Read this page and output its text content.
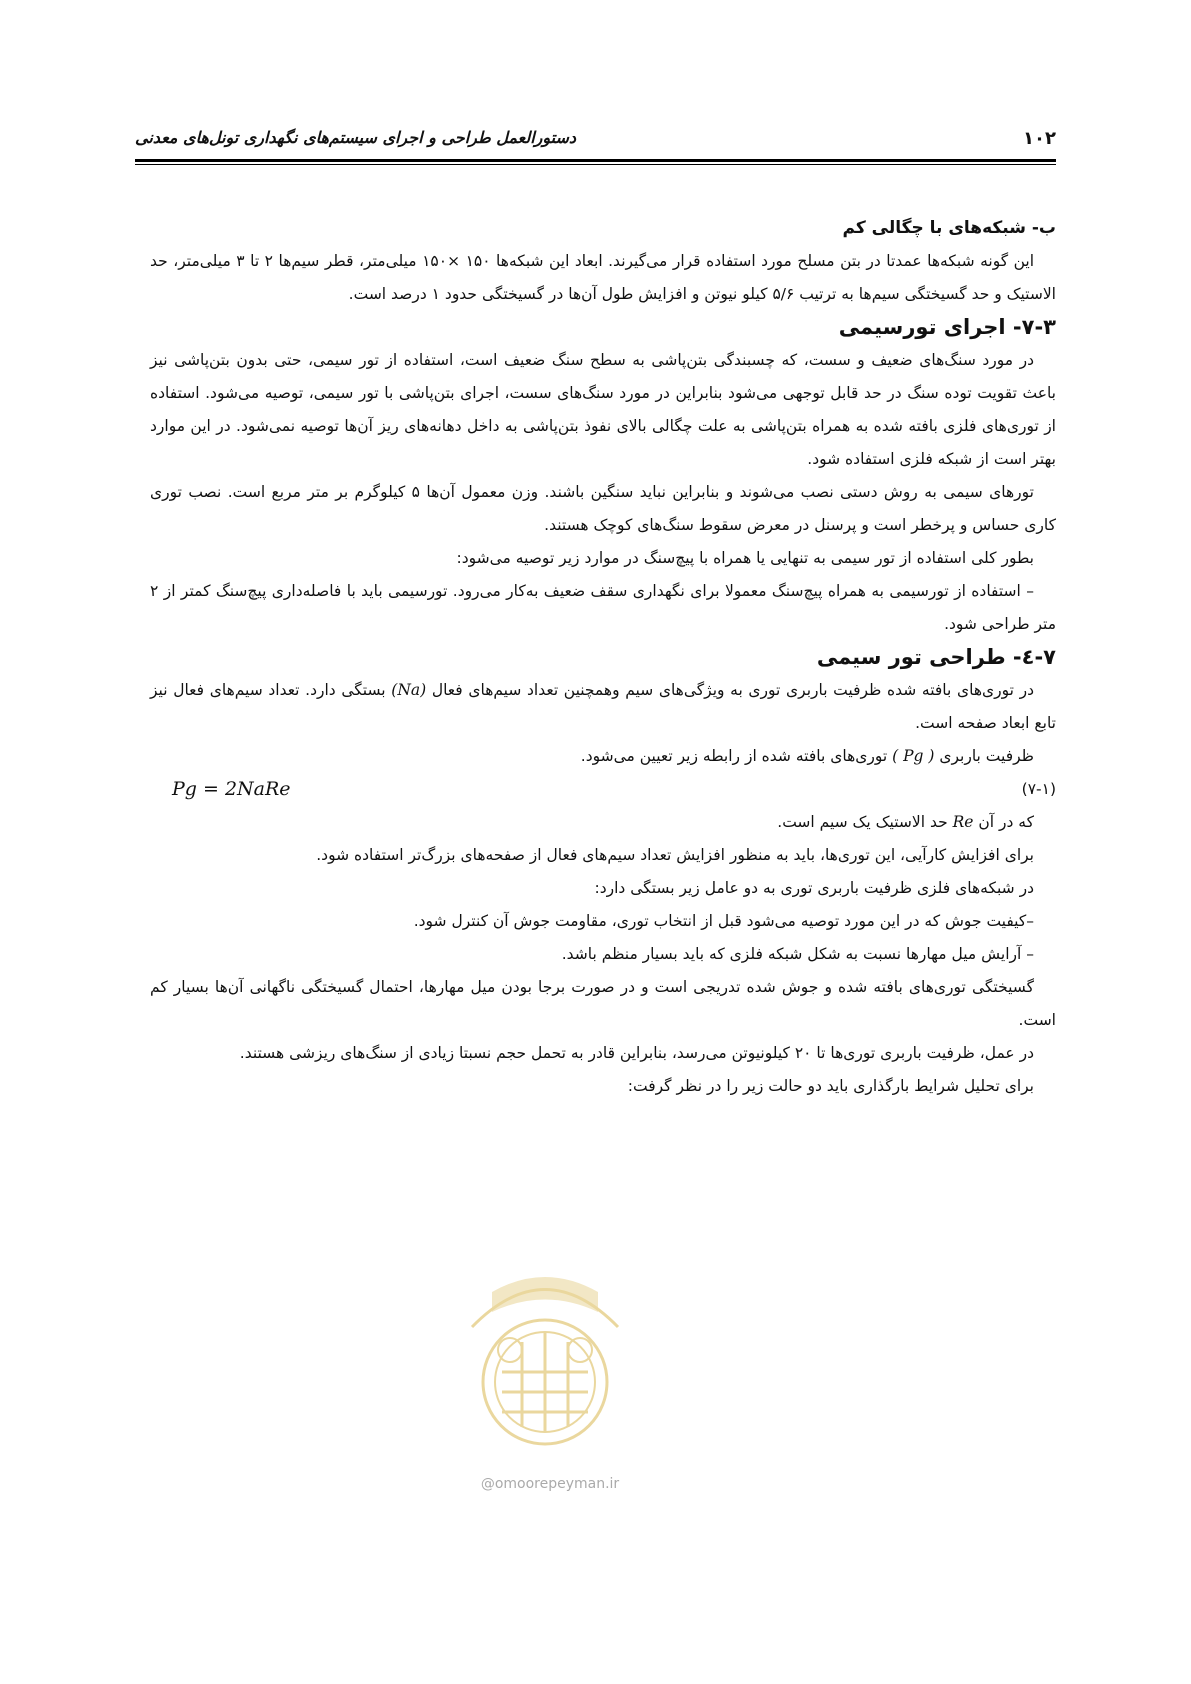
۱۰۲
دستورالعمل طراحی و اجرای سیستم‌های نگهداری تونل‌های معدنی

ب- شبکه‌های با چگالی کم

این گونه شبکه‌ها عمدتا در بتن مسلح مورد استفاده قرار می‌گیرند. ابعاد این شبکه‌ها ۱۵۰ ×۱۵۰ میلی‌متر، قطر سیم‌ها ۲ تا ۳ میلی‌متر، حد الاستیک و حد گسیختگی سیم‌ها به ترتیب ۵/۶ کیلو نیوتن و افزایش طول آن‌ها در گسیختگی حدود ۱ درصد است.

۷-۳- اجرای تورسیمی

در مورد سنگ‌های ضعیف و سست، که چسبندگی بتن‌پاشی به سطح سنگ ضعیف است، استفاده از تور سیمی، حتی بدون بتن‌پاشی نیز باعث تقویت توده سنگ در حد قابل توجهی می‌شود بنابراین در مورد سنگ‌های سست، اجرای بتن‌پاشی با تور سیمی، توصیه می‌شود. استفاده از توری‌های فلزی بافته شده به همراه بتن‌پاشی به علت چگالی بالای نفوذ بتن‌پاشی به داخل دهانه‌های ریز آن‌ها توصیه نمی‌شود. در این موارد بهتر است از شبکه فلزی استفاده شود.

تورهای سیمی به روش دستی نصب می‌شوند و بنابراین نباید سنگین باشند. وزن معمول آن‌ها ۵ کیلوگرم بر متر مربع است. نصب توری کاری حساس و پرخطر است و پرسنل در معرض سقوط سنگ‌های کوچک هستند.

بطور کلی استفاده از تور سیمی به تنهایی یا همراه با پیچ‌سنگ در موارد زیر توصیه می‌شود:

– استفاده از تورسیمی به همراه پیچ‌سنگ معمولا برای نگهداری سقف ضعیف به‌کار می‌رود. تورسیمی باید با فاصله‌داری پیچ‌سنگ کمتر از ۲ متر طراحی شود.

۷-٤- طراحی تور سیمی

در توری‌های بافته شده ظرفیت باربری توری به ویژگی‌های سیم وهمچنین تعداد سیم‌های فعال (Na) بستگی دارد. تعداد سیم‌های فعال نیز تابع ابعاد صفحه است.

ظرفیت باربری ( Pg ) توری‌های بافته شده از رابطه زیر تعیین می‌شود.

(۷-۱)
Pg = 2NaRe

که در آن Re حد الاستیک یک سیم است.

برای افزایش کارآیی، این توری‌ها، باید به منظور افزایش تعداد سیم‌های فعال از صفحه‌های بزرگ‌تر استفاده شود.

در شبکه‌های فلزی ظرفیت باربری توری به دو عامل زیر بستگی دارد:

–کیفیت جوش که در این مورد توصیه می‌شود قبل از انتخاب توری، مقاومت جوش آن کنترل شود.

– آرایش میل مهارها نسبت به شکل شبکه فلزی که باید بسیار منظم باشد.

گسیختگی توری‌های بافته شده و جوش شده تدریجی است و در صورت برجا بودن میل مهارها، احتمال گسیختگی ناگهانی آن‌ها بسیار کم است.

در عمل، ظرفیت باربری توری‌ها تا ۲۰ کیلونیوتن می‌رسد، بنابراین قادر به تحمل حجم نسبتا زیادی از سنگ‌های ریزشی هستند.

برای تحلیل شرایط بارگذاری باید دو حالت زیر را در نظر گرفت:

@omoorepeyman.ir
